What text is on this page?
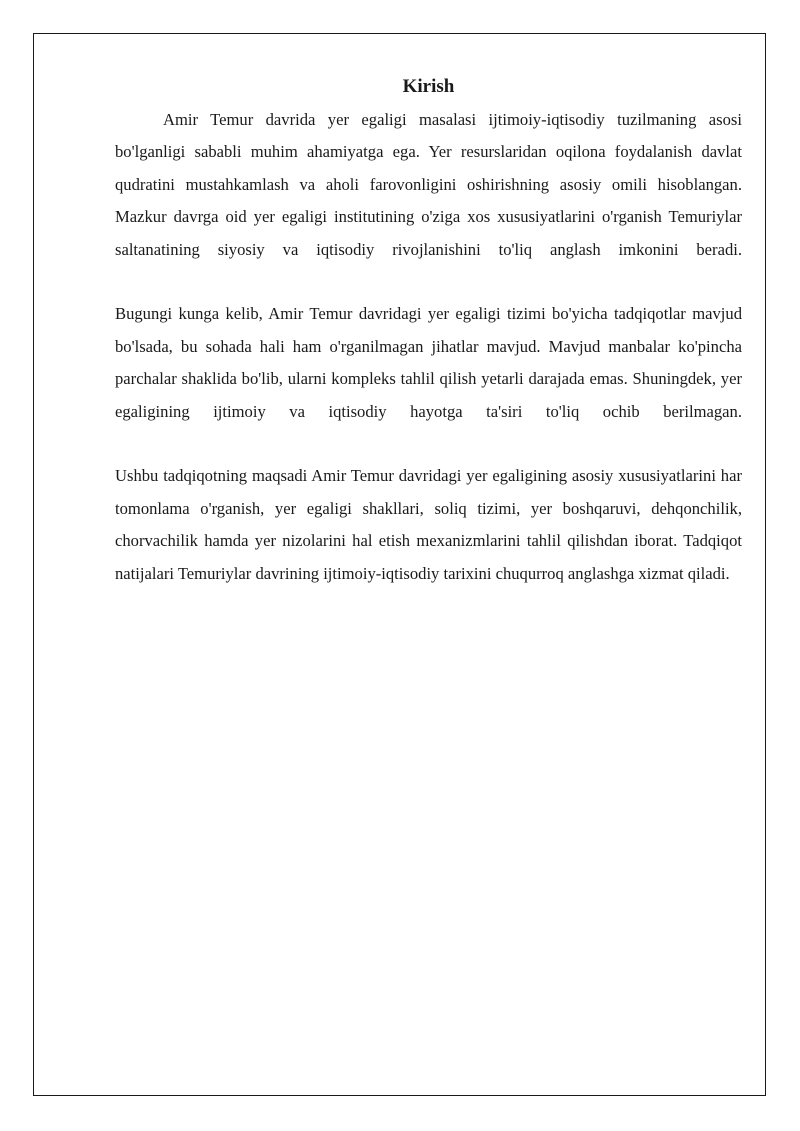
Kirish

Amir Temur davrida yer egaligi masalasi ijtimoiy-iqtisodiy tuzilmaning asosi bo'lganligi sababli muhim ahamiyatga ega. Yer resurslaridan oqilona foydalanish davlat qudratini mustahkamlash va aholi farovonligini oshirishning asosiy omili hisoblangan. Mazkur davrga oid yer egaligi institutining o'ziga xos xususiyatlarini o'rganish Temuriylar saltanatining siyosiy va iqtisodiy rivojlanishini to'liq anglash imkonini beradi.

Bugungi kunga kelib, Amir Temur davridagi yer egaligi tizimi bo'yicha tadqiqotlar mavjud bo'lsada, bu sohada hali ham o'rganilmagan jihatlar mavjud. Mavjud manbalar ko'pincha parchalar shaklida bo'lib, ularni kompleks tahlil qilish yetarli darajada emas. Shuningdek, yer egaligining ijtimoiy va iqtisodiy hayotga ta'siri to'liq ochib berilmagan.

Ushbu tadqiqotning maqsadi Amir Temur davridagi yer egaligining asosiy xususiyatlarini har tomonlama o'rganish, yer egaligi shakllari, soliq tizimi, yer boshqaruvi, dehqonchilik, chorvachilik hamda yer nizolarini hal etish mexanizmlarini tahlil qilishdan iborat. Tadqiqot natijalari Temuriylar davrining ijtimoiy-iqtisodiy tarixini chuqurroq anglashga xizmat qiladi.
